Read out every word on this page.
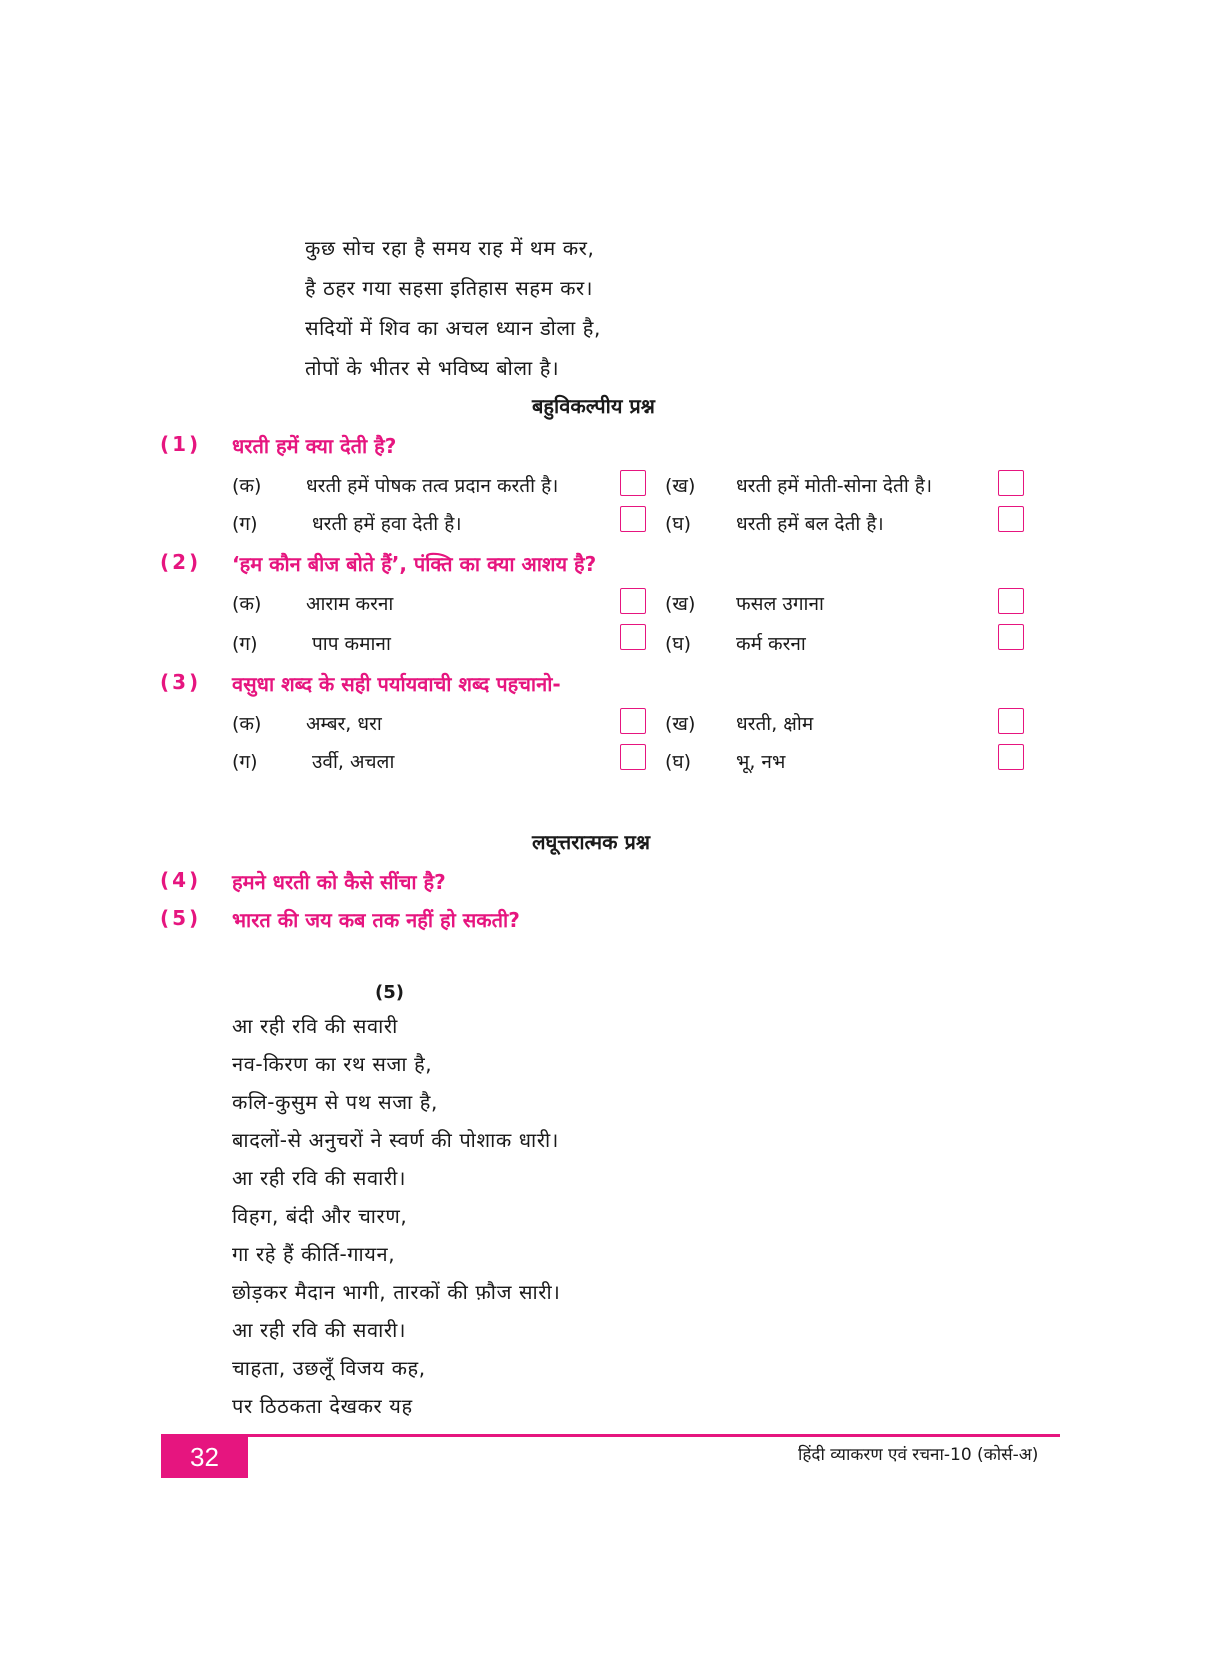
कुछ सोच रहा है समय राह में थम कर,
है ठहर गया सहसा इतिहास सहम कर।
सदियों में शिव का अचल ध्यान डोला है,
तोपों के भीतर से भविष्य बोला है।
बहुविकल्पीय प्रश्न
(1) धरती हमें क्या देती है?
(क) धरती हमें पोषक तत्व प्रदान करती है।	(ख) धरती हमें मोती-सोना देती है।
(ग)	धरती हमें हवा देती है।	(घ) धरती हमें बल देती है।
(2) ‘हम कौन बीज बोते हैं’, पंक्ति का क्या आशय है?
(क) आराम करना	(ख) फसल उगाना
(ग)	पाप कमाना	(घ) कर्म करना
(3) वसुधा शब्द के सही पर्यायवाची शब्द पहचानो-
(क) अम्बर, धरा	(ख) धरती, क्षोम
(ग)	उर्वी, अचला	(घ) भू, नभ
लघूत्तरात्मक प्रश्न
(4) हमने धरती को कैसे सींचा है?
(5) भारत की जय कब तक नहीं हो सकती?
(5)
आ रही रवि की सवारी
नव-किरण का रथ सजा है,
कलि-कुसुम से पथ सजा है,
बादलों-से अनुचरों ने स्वर्ण की पोशाक धारी।
आ रही रवि की सवारी।
विहग, बंदी और चारण,
गा रहे हैं कीर्ति-गायन,
छोड़कर मैदान भागी, तारकों की फ़ौज सारी।
आ रही रवि की सवारी।
चाहता, उछलूँ विजय कह,
पर ठिठकता देखकर यह
32	हिंदी व्याकरण एवं रचना-10 (कोर्स-अ)
